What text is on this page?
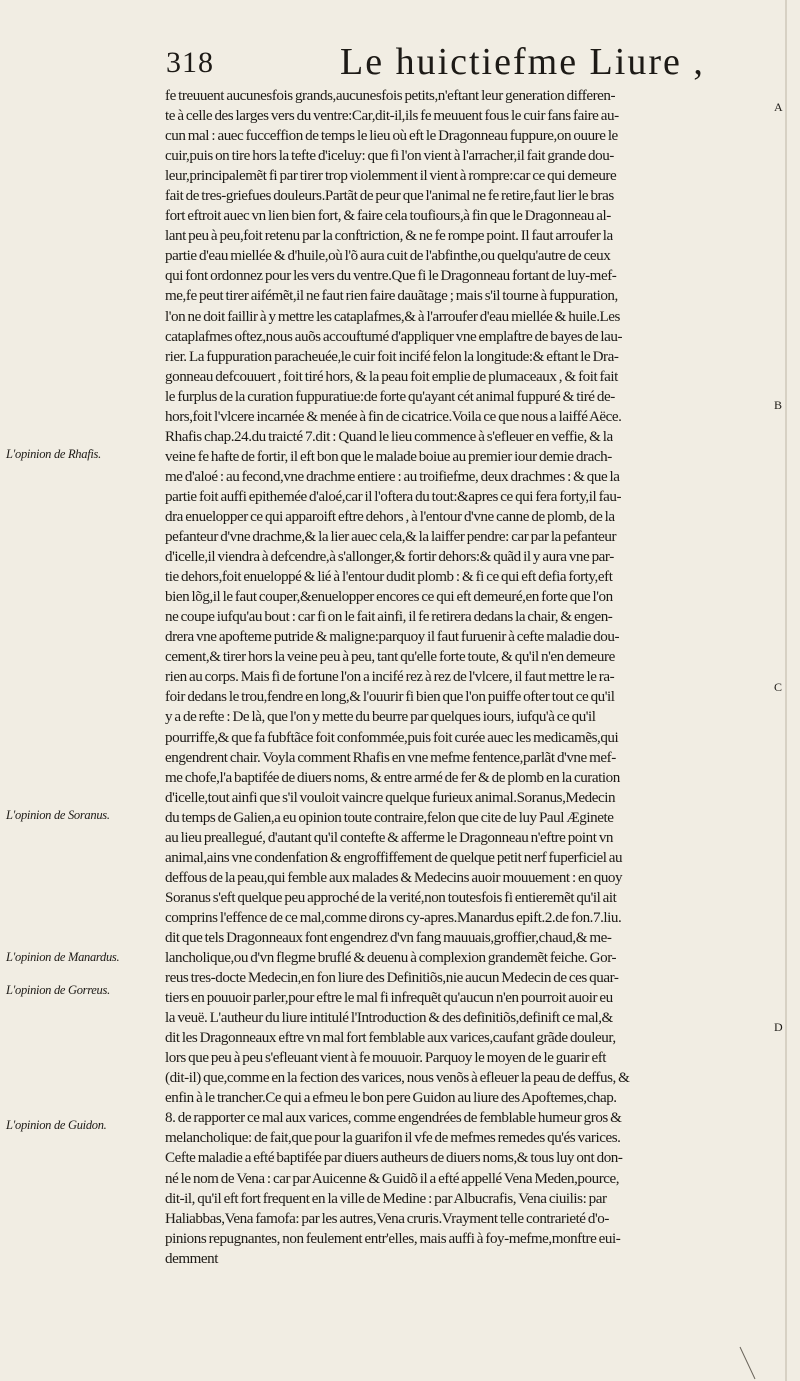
318	Le huictiefme Liure ,
fe treuuent aucunesfois grands,aucunesfois petits,n'eftant leur generation differen-
te à celle des larges vers du ventre:Car,dit-il,ils fe meuuent fous le cuir fans faire au-
cun mal : auec fucceffion de temps le lieu où eft le Dragonneau fuppure,on ouure le
cuir,puis on tire hors la tefte d'iceluy: que fi l'on vient à l'arracher,il fait grande dou-
leur,principalemẽt fi par tirer trop violemment il vient à rompre:car ce qui demeure
fait de tres-griefues douleurs.Partãt de peur que l'animal ne fe retire,faut lier le bras
fort eftroit auec vn lien bien fort, & faire cela toufiours,à fin que le Dragonneau al-
lant peu à peu,foit retenu par la conftriction, & ne fe rompe point. Il faut arroufer la
partie d'eau miellée & d'huile,où l'õ aura cuit de l'abfinthe,ou quelqu'autre de ceux
qui font ordonnez pour les vers du ventre.Que fi le Dragonneau fortant de luy-mef-
me,fe peut tirer aifémẽt,il ne faut rien faire dauãtage ; mais s'il tourne à fuppuration,
l'on ne doit faillir à y mettre les cataplafmes,& à l'arroufer d'eau miellée & huile.Les
cataplafmes oftez,nous auõs accouftumé d'appliquer vne emplaftre de bayes de lau-
rier. La fuppuration paracheuée,le cuir foit incifé felon la longitude:& eftant le Dra-
gonneau defcouuert , foit tiré hors, & la peau foit emplie de plumaceaux , & foit fait
le furplus de la curation fuppuratiue:de forte qu'ayant cét animal fuppuré & tiré de-
hors,foit l'vlcere incarnée & menée à fin de cicatrice.Voila ce que nous a laiffé Aëce.
Rhafis chap.24.du traicté 7.dit : Quand le lieu commence à s'efleuer en veffie, & la
veine fe hafte de fortir, il eft bon que le malade boiue au premier iour demie drach-
me d'aloé : au fecond,vne drachme entiere : au troifiefme, deux drachmes : & que la
partie foit auffi epithemée d'aloé,car il l'oftera du tout:&apres ce qui fera forty,il fau-
dra enuelopper ce qui apparoift eftre dehors , à l'entour d'vne canne de plomb, de la
pefanteur d'vne drachme,& la lier auec cela,& la laiffer pendre: car par la pefanteur
d'icelle,il viendra à defcendre,à s'allonger,& fortir dehors:& quãd il y aura vne par-
tie dehors,foit enueloppé & lié à l'entour dudit plomb : & fi ce qui eft defia forty,eft
bien lõg,il le faut couper,&enuelopper encores ce qui eft demeuré,en forte que l'on
ne coupe iufqu'au bout : car fi on le fait ainfi, il fe retirera dedans la chair, & engen-
drera vne apofteme putride & maligne:parquoy il faut furuenir à cefte maladie dou-
cement,& tirer hors la veine peu à peu, tant qu'elle forte toute, & qu'il n'en demeure
rien au corps. Mais fi de fortune l'on a incifé rez à rez de l'vlcere, il faut mettre le ra-
foir dedans le trou,fendre en long,& l'ouurir fi bien que l'on puiffe ofter tout ce qu'il
y a de refte : De là, que l'on y mette du beurre par quelques iours, iufqu'à ce qu'il
pourriffe,& que fa fubftãce foit confommée,puis foit curée auec les medicamẽs,qui
engendrent chair. Voyla comment Rhafis en vne mefme fentence,parlãt d'vne mef-
me chofe,l'a baptifée de diuers noms, & entre armé de fer & de plomb en la curation
d'icelle,tout ainfi que s'il vouloit vaincre quelque furieux animal.Soranus,Medecin
du temps de Galien,a eu opinion toute contraire,felon que cite de luy Paul Æginete
au lieu preallegué, d'autant qu'il contefte & afferme le Dragonneau n'eftre point vn
animal,ains vne condenfation & engroffiffement de quelque petit nerf fuperficiel au
deffous de la peau,qui femble aux malades & Medecins auoir mouuement : en quoy
Soranus s'eft quelque peu approché de la verité,non toutesfois fi entieremẽt qu'il ait
comprins l'effence de ce mal,comme dirons cy-apres.Manardus epift.2.de fon.7.liu.
dit que tels Dragonneaux font engendrez d'vn fang mauuais,groffier,chaud,& me-
lancholique,ou d'vn flegme bruflé & deuenu à complexion grandemẽt feiche. Gor-
reus tres-docte Medecin,en fon liure des Definitiõs,nie aucun Medecin de ces quar-
tiers en pouuoir parler,pour eftre le mal fi infrequẽt qu'aucun n'en pourroit auoir eu
la veuë. L'autheur du liure intitulé l'Introduction & des definitiõs,definift ce mal,&
dit les Dragonneaux eftre vn mal fort femblable aux varices,caufant grãde douleur,
lors que peu à peu s'efleuant vient à fe mouuoir. Parquoy le moyen de le guarir eft
(dit-il) que,comme en la fection des varices, nous venõs à efleuer la peau de deffus, &
enfin à le trancher.Ce qui a efmeu le bon pere Guidon au liure des Apoftemes,chap.
8. de rapporter ce mal aux varices, comme engendrées de femblable humeur gros &
melancholique: de fait,que pour la guarifon il vfe de mefmes remedes qu'és varices.
Cefte maladie a efté baptifée par diuers autheurs de diuers noms,& tous luy ont don-
né le nom de Vena : car par Auicenne & Guidõ il a efté appellé Vena Meden,pource,
dit-il, qu'il eft fort frequent en la ville de Medine : par Albucrafis, Vena ciuilis: par
Haliabbas,Vena famofa: par les autres,Vena cruris.Vrayment telle contrarieté d'o-
pinions repugnantes, non feulement entr'elles, mais auffi à foy-mefme,monftre eui-
demment
L'opinion de Rhafis.
L'opinion de Soranus.
L'opinion de Manardus.
L'opinion de Gorreus.
L'opinion de Guidon.
A
B
C
D
